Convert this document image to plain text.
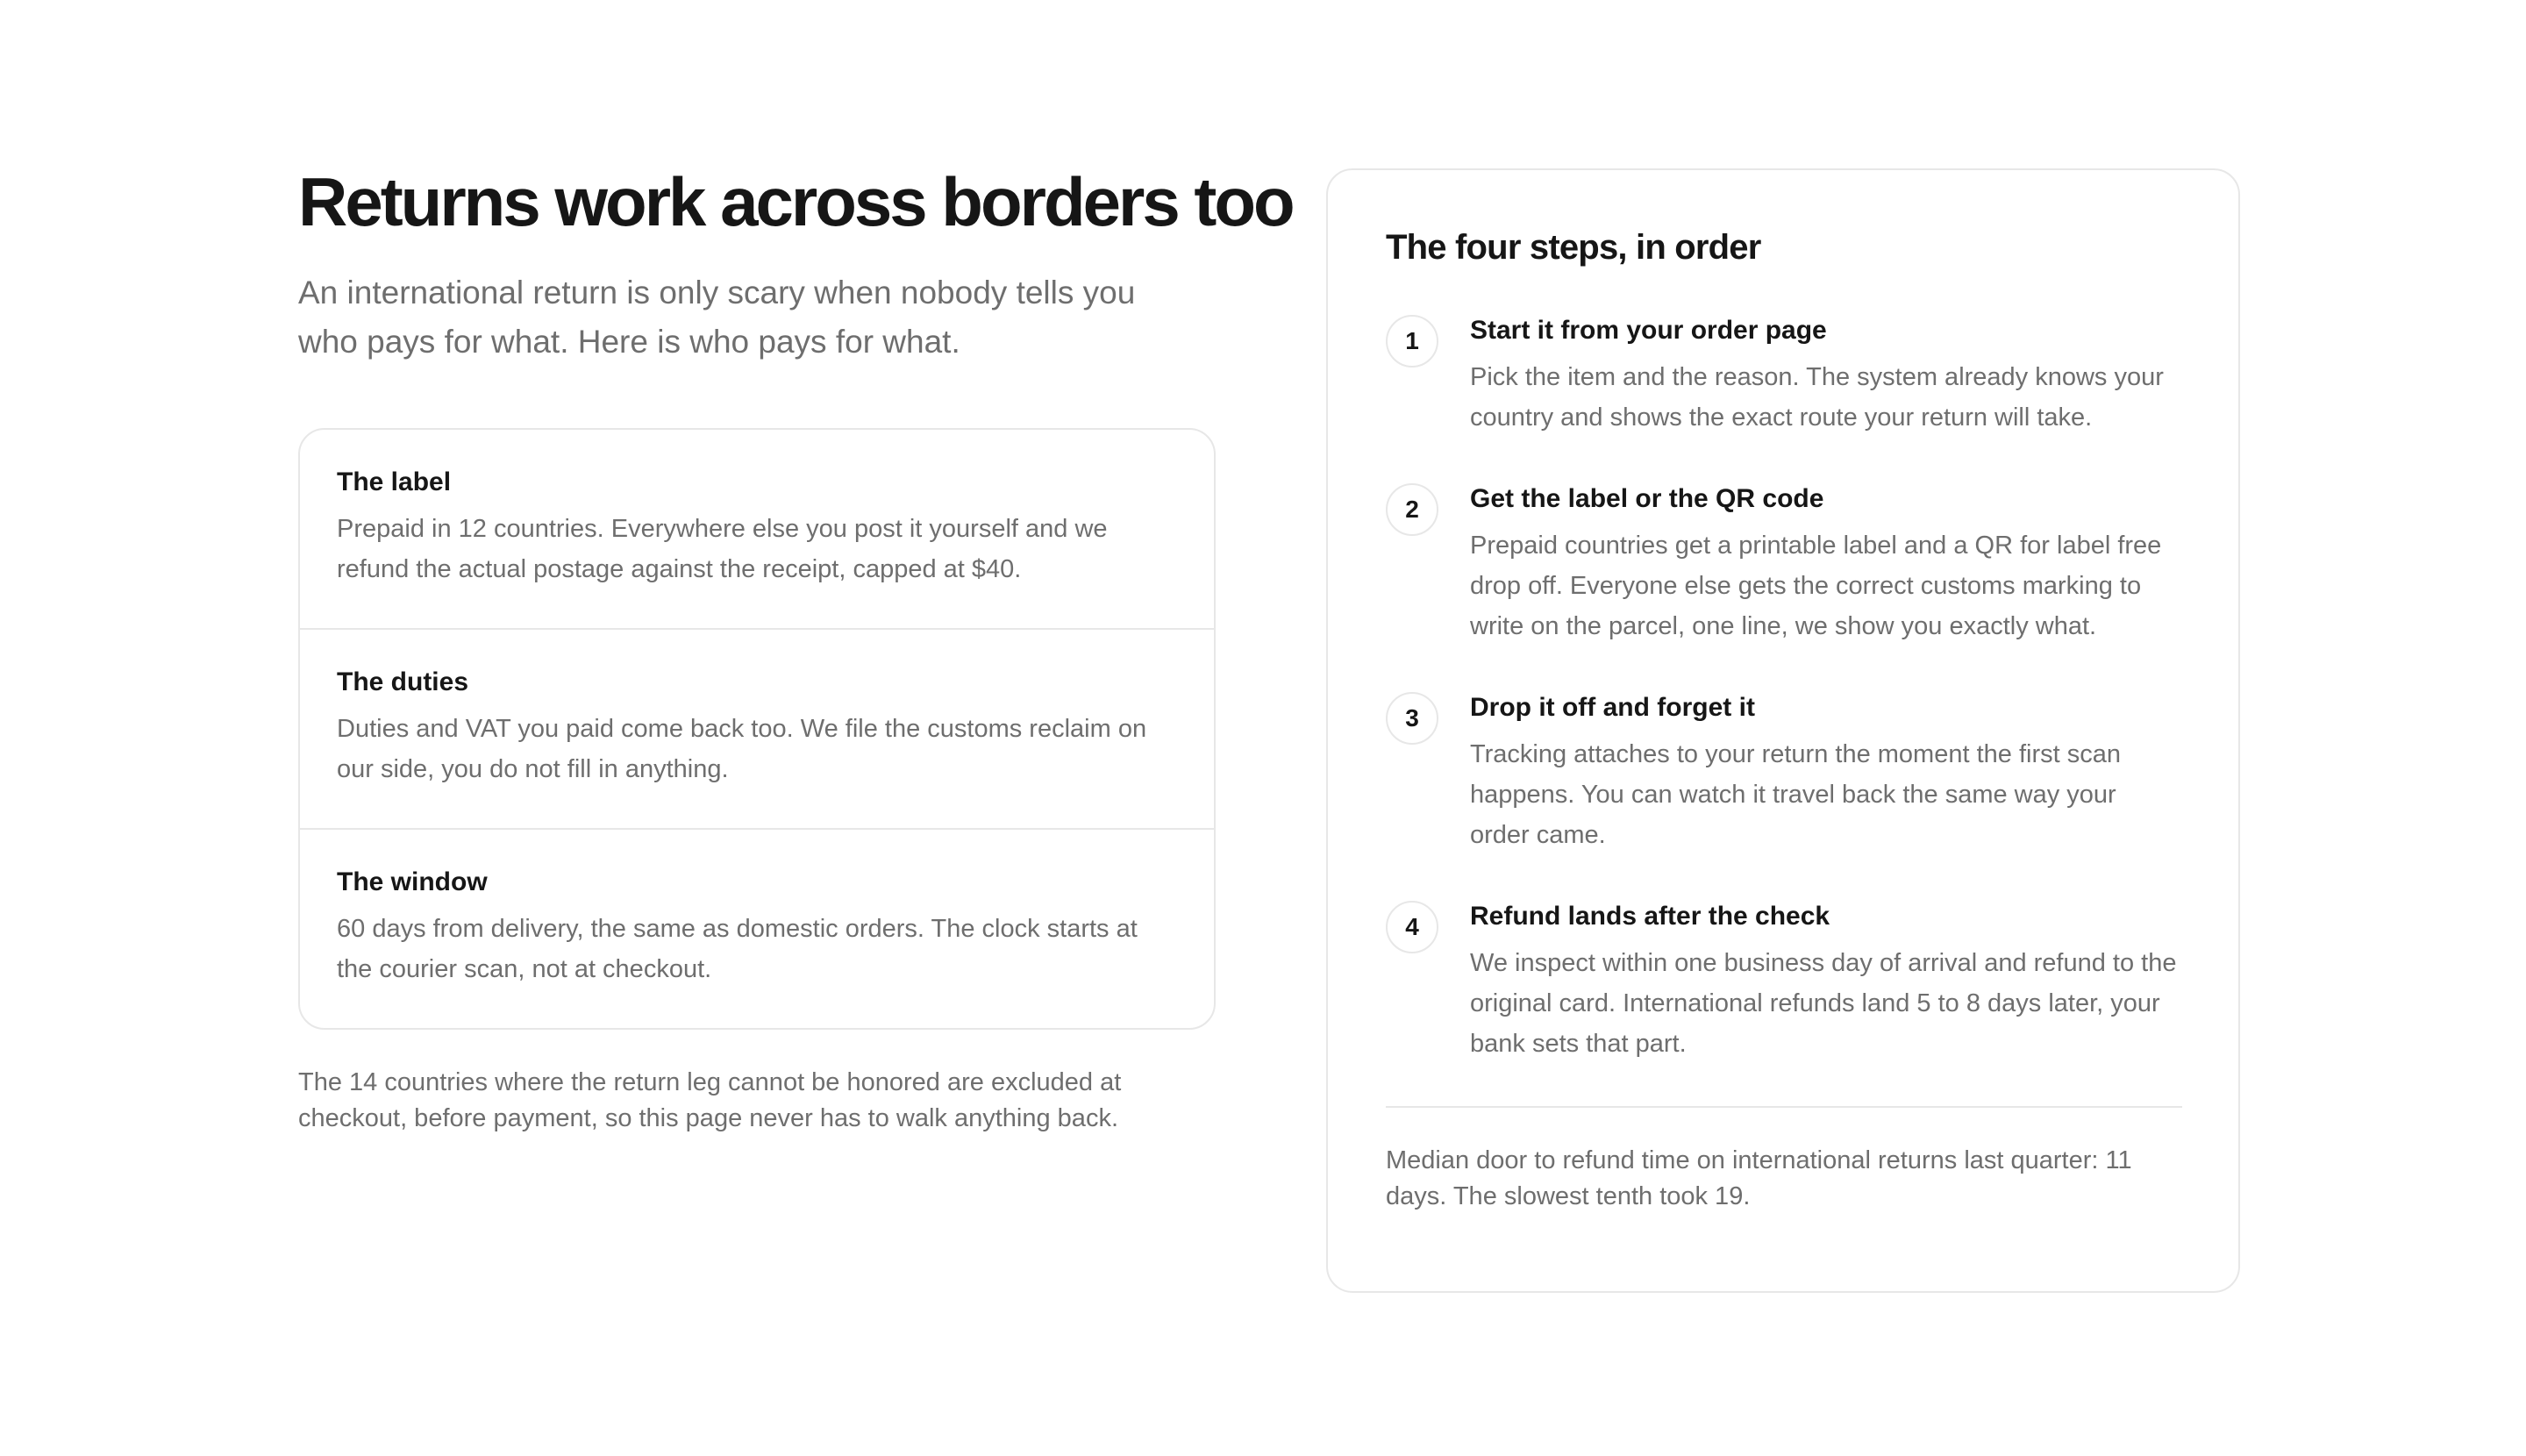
Returns work across borders too

An international return is only scary when nobody tells you who pays for what. Here is who pays for what.

The label
Prepaid in 12 countries. Everywhere else you post it yourself and we refund the actual postage against the receipt, capped at $40.
The duties
Duties and VAT you paid come back too. We file the customs reclaim on our side, you do not fill in anything.
The window
60 days from delivery, the same as domestic orders. The clock starts at the courier scan, not at checkout.

The 14 countries where the return leg cannot be honored are excluded at checkout, before payment, so this page never has to walk anything back.

The four steps, in order
1	Start it from your order page
Pick the item and the reason. The system already knows your country and shows the exact route your return will take.
2	Get the label or the QR code
Prepaid countries get a printable label and a QR for label free drop off. Everyone else gets the correct customs marking to write on the parcel, one line, we show you exactly what.
3	Drop it off and forget it
Tracking attaches to your return the moment the first scan happens. You can watch it travel back the same way your order came.
4	Refund lands after the check
We inspect within one business day of arrival and refund to the original card. International refunds land 5 to 8 days later, your bank sets that part.

Median door to refund time on international returns last quarter: 11 days. The slowest tenth took 19.
